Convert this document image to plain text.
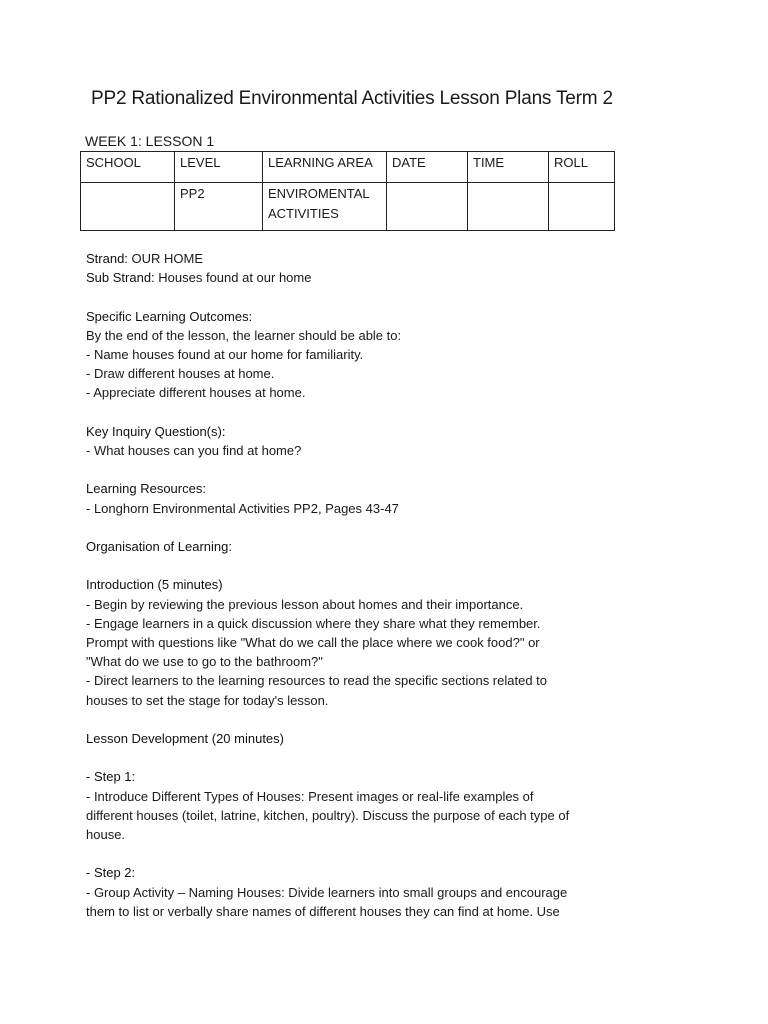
PP2 Rationalized Environmental Activities Lesson Plans Term 2
WEEK 1: LESSON 1
SCHOOL	LEVEL	LEARNING AREA	DATE	TIME	ROLL
	PP2	ENVIROMENTAL ACTIVITIES			

Strand: OUR HOME

Sub Strand: Houses found at our home

Specific Learning Outcomes:

By the end of the lesson, the learner should be able to:

- Name houses found at our home for familiarity.

- Draw different houses at home.

- Appreciate different houses at home.

Key Inquiry Question(s):

- What houses can you find at home?

Learning Resources:

- Longhorn Environmental Activities PP2, Pages 43-47

Organisation of Learning:

Introduction (5 minutes)

- Begin by reviewing the previous lesson about homes and their importance.

- Engage learners in a quick discussion where they share what they remember.

Prompt with questions like "What do we call the place where we cook food?" or

"What do we use to go to the bathroom?"

- Direct learners to the learning resources to read the specific sections related to

houses to set the stage for today's lesson.

Lesson Development (20 minutes)

- Step 1:

- Introduce Different Types of Houses: Present images or real-life examples of

different houses (toilet, latrine, kitchen, poultry). Discuss the purpose of each type of

house.

- Step 2:

- Group Activity – Naming Houses: Divide learners into small groups and encourage

them to list or verbally share names of different houses they can find at home. Use
